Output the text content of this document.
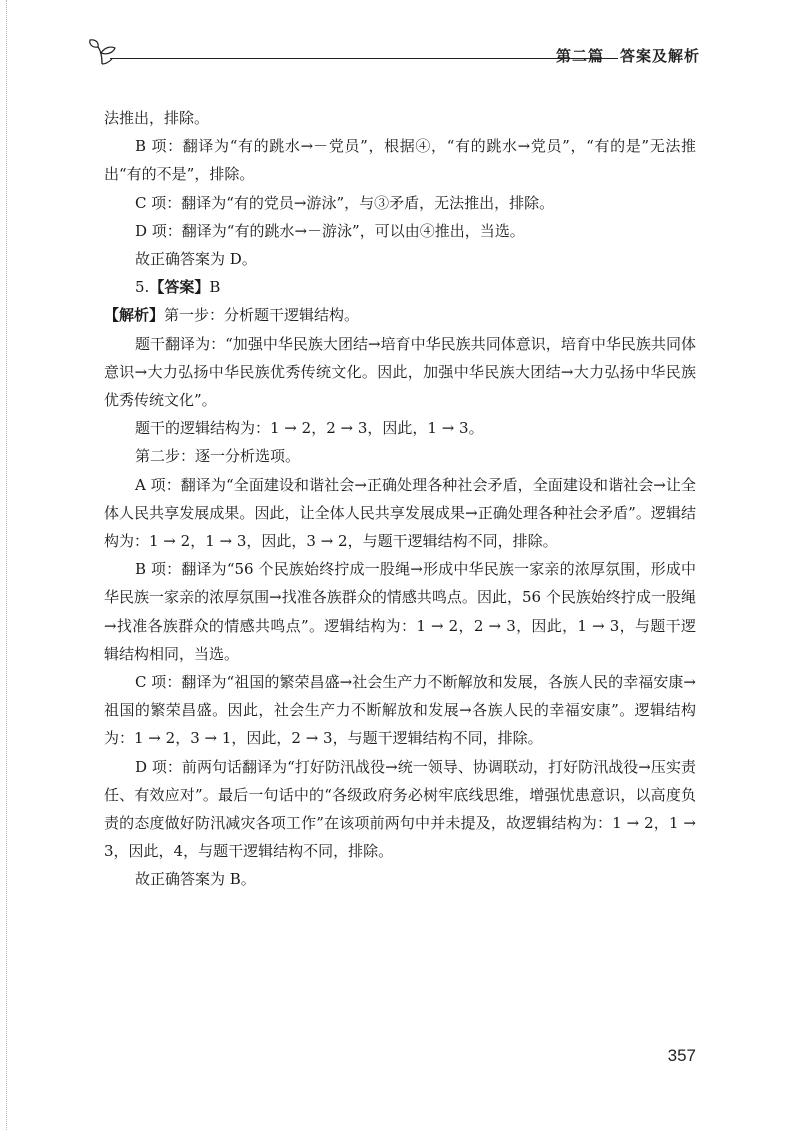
第二篇　答案及解析

法推出，排除。

B 项：翻译为“有的跳水→－党员”，根据④，“有的跳水→党员”，“有的是”无法推出“有的不是”，排除。

C 项：翻译为“有的党员→游泳”，与③矛盾，无法推出，排除。

D 项：翻译为“有的跳水→－游泳”，可以由④推出，当选。

故正确答案为 D。

5.【答案】B

【解析】第一步：分析题干逻辑结构。

题干翻译为：“加强中华民族大团结→培育中华民族共同体意识，培育中华民族共同体意识→大力弘扬中华民族优秀传统文化。因此，加强中华民族大团结→大力弘扬中华民族优秀传统文化”。

题干的逻辑结构为：1 → 2，2 → 3，因此，1 → 3。

第二步：逐一分析选项。

A 项：翻译为“全面建设和谐社会→正确处理各种社会矛盾，全面建设和谐社会→让全体人民共享发展成果。因此，让全体人民共享发展成果→正确处理各种社会矛盾”。逻辑结构为：1 → 2，1 → 3，因此，3 → 2，与题干逻辑结构不同，排除。

B 项：翻译为“56 个民族始终拧成一股绳→形成中华民族一家亲的浓厚氛围，形成中华民族一家亲的浓厚氛围→找准各族群众的情感共鸣点。因此，56 个民族始终拧成一股绳→找准各族群众的情感共鸣点”。逻辑结构为：1 → 2，2 → 3，因此，1 → 3，与题干逻辑结构相同，当选。

C 项：翻译为“祖国的繁荣昌盛→社会生产力不断解放和发展，各族人民的幸福安康→祖国的繁荣昌盛。因此，社会生产力不断解放和发展→各族人民的幸福安康”。逻辑结构为：1 → 2，3 → 1，因此，2 → 3，与题干逻辑结构不同，排除。

D 项：前两句话翻译为“打好防汛战役→统一领导、协调联动，打好防汛战役→压实责任、有效应对”。最后一句话中的“各级政府务必树牢底线思维，增强忧患意识，以高度负责的态度做好防汛减灾各项工作”在该项前两句中并未提及，故逻辑结构为：1 → 2，1 → 3，因此，4，与题干逻辑结构不同，排除。

故正确答案为 B。

357
